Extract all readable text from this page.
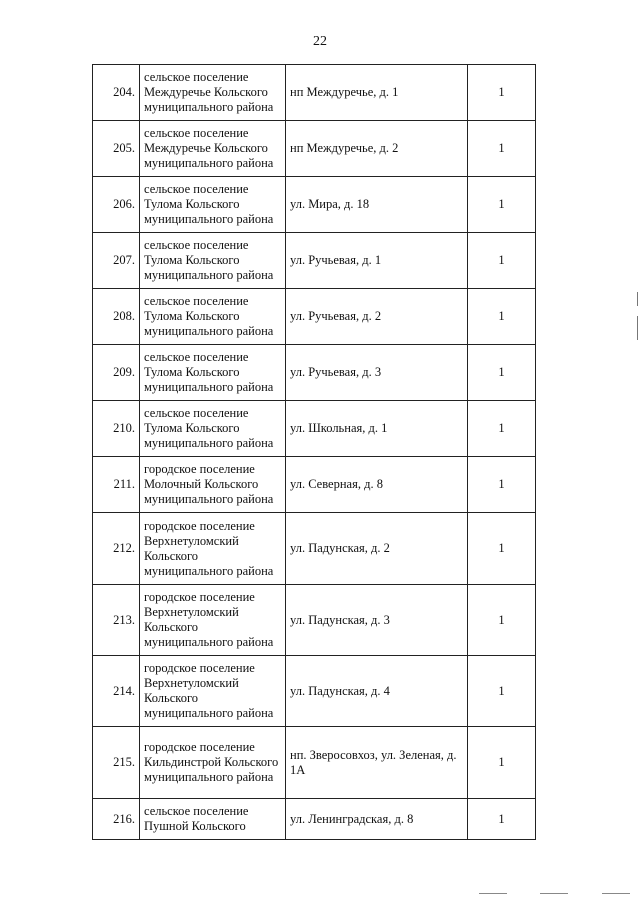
22
204.	сельское поселение Междуречье Кольского муниципального района	нп Междуречье, д. 1	1
205.	сельское поселение Междуречье Кольского муниципального района	нп Междуречье, д. 2	1
206.	сельское поселение Тулома Кольского муниципального района	ул. Мира, д. 18	1
207.	сельское поселение Тулома Кольского муниципального района	ул. Ручьевая, д. 1	1
208.	сельское поселение Тулома Кольского муниципального района	ул. Ручьевая, д. 2	1
209.	сельское поселение Тулома Кольского муниципального района	ул. Ручьевая, д. 3	1
210.	сельское поселение Тулома Кольского муниципального района	ул. Школьная, д. 1	1
211.	городское поселение Молочный Кольского муниципального района	ул. Северная, д. 8	1
212.	городское поселение Верхнетуломский Кольского муниципального района	ул. Падунская, д. 2	1
213.	городское поселение Верхнетуломский Кольского муниципального района	ул. Падунская, д. 3	1
214.	городское поселение Верхнетуломский Кольского муниципального района	ул. Падунская, д. 4	1
215.	городское поселение Кильдинстрой Кольского муниципального района	нп. Зверосовхоз, ул. Зеленая, д. 1А	1
216.	сельское поселение Пушной Кольского	ул. Ленинградская, д. 8	1
